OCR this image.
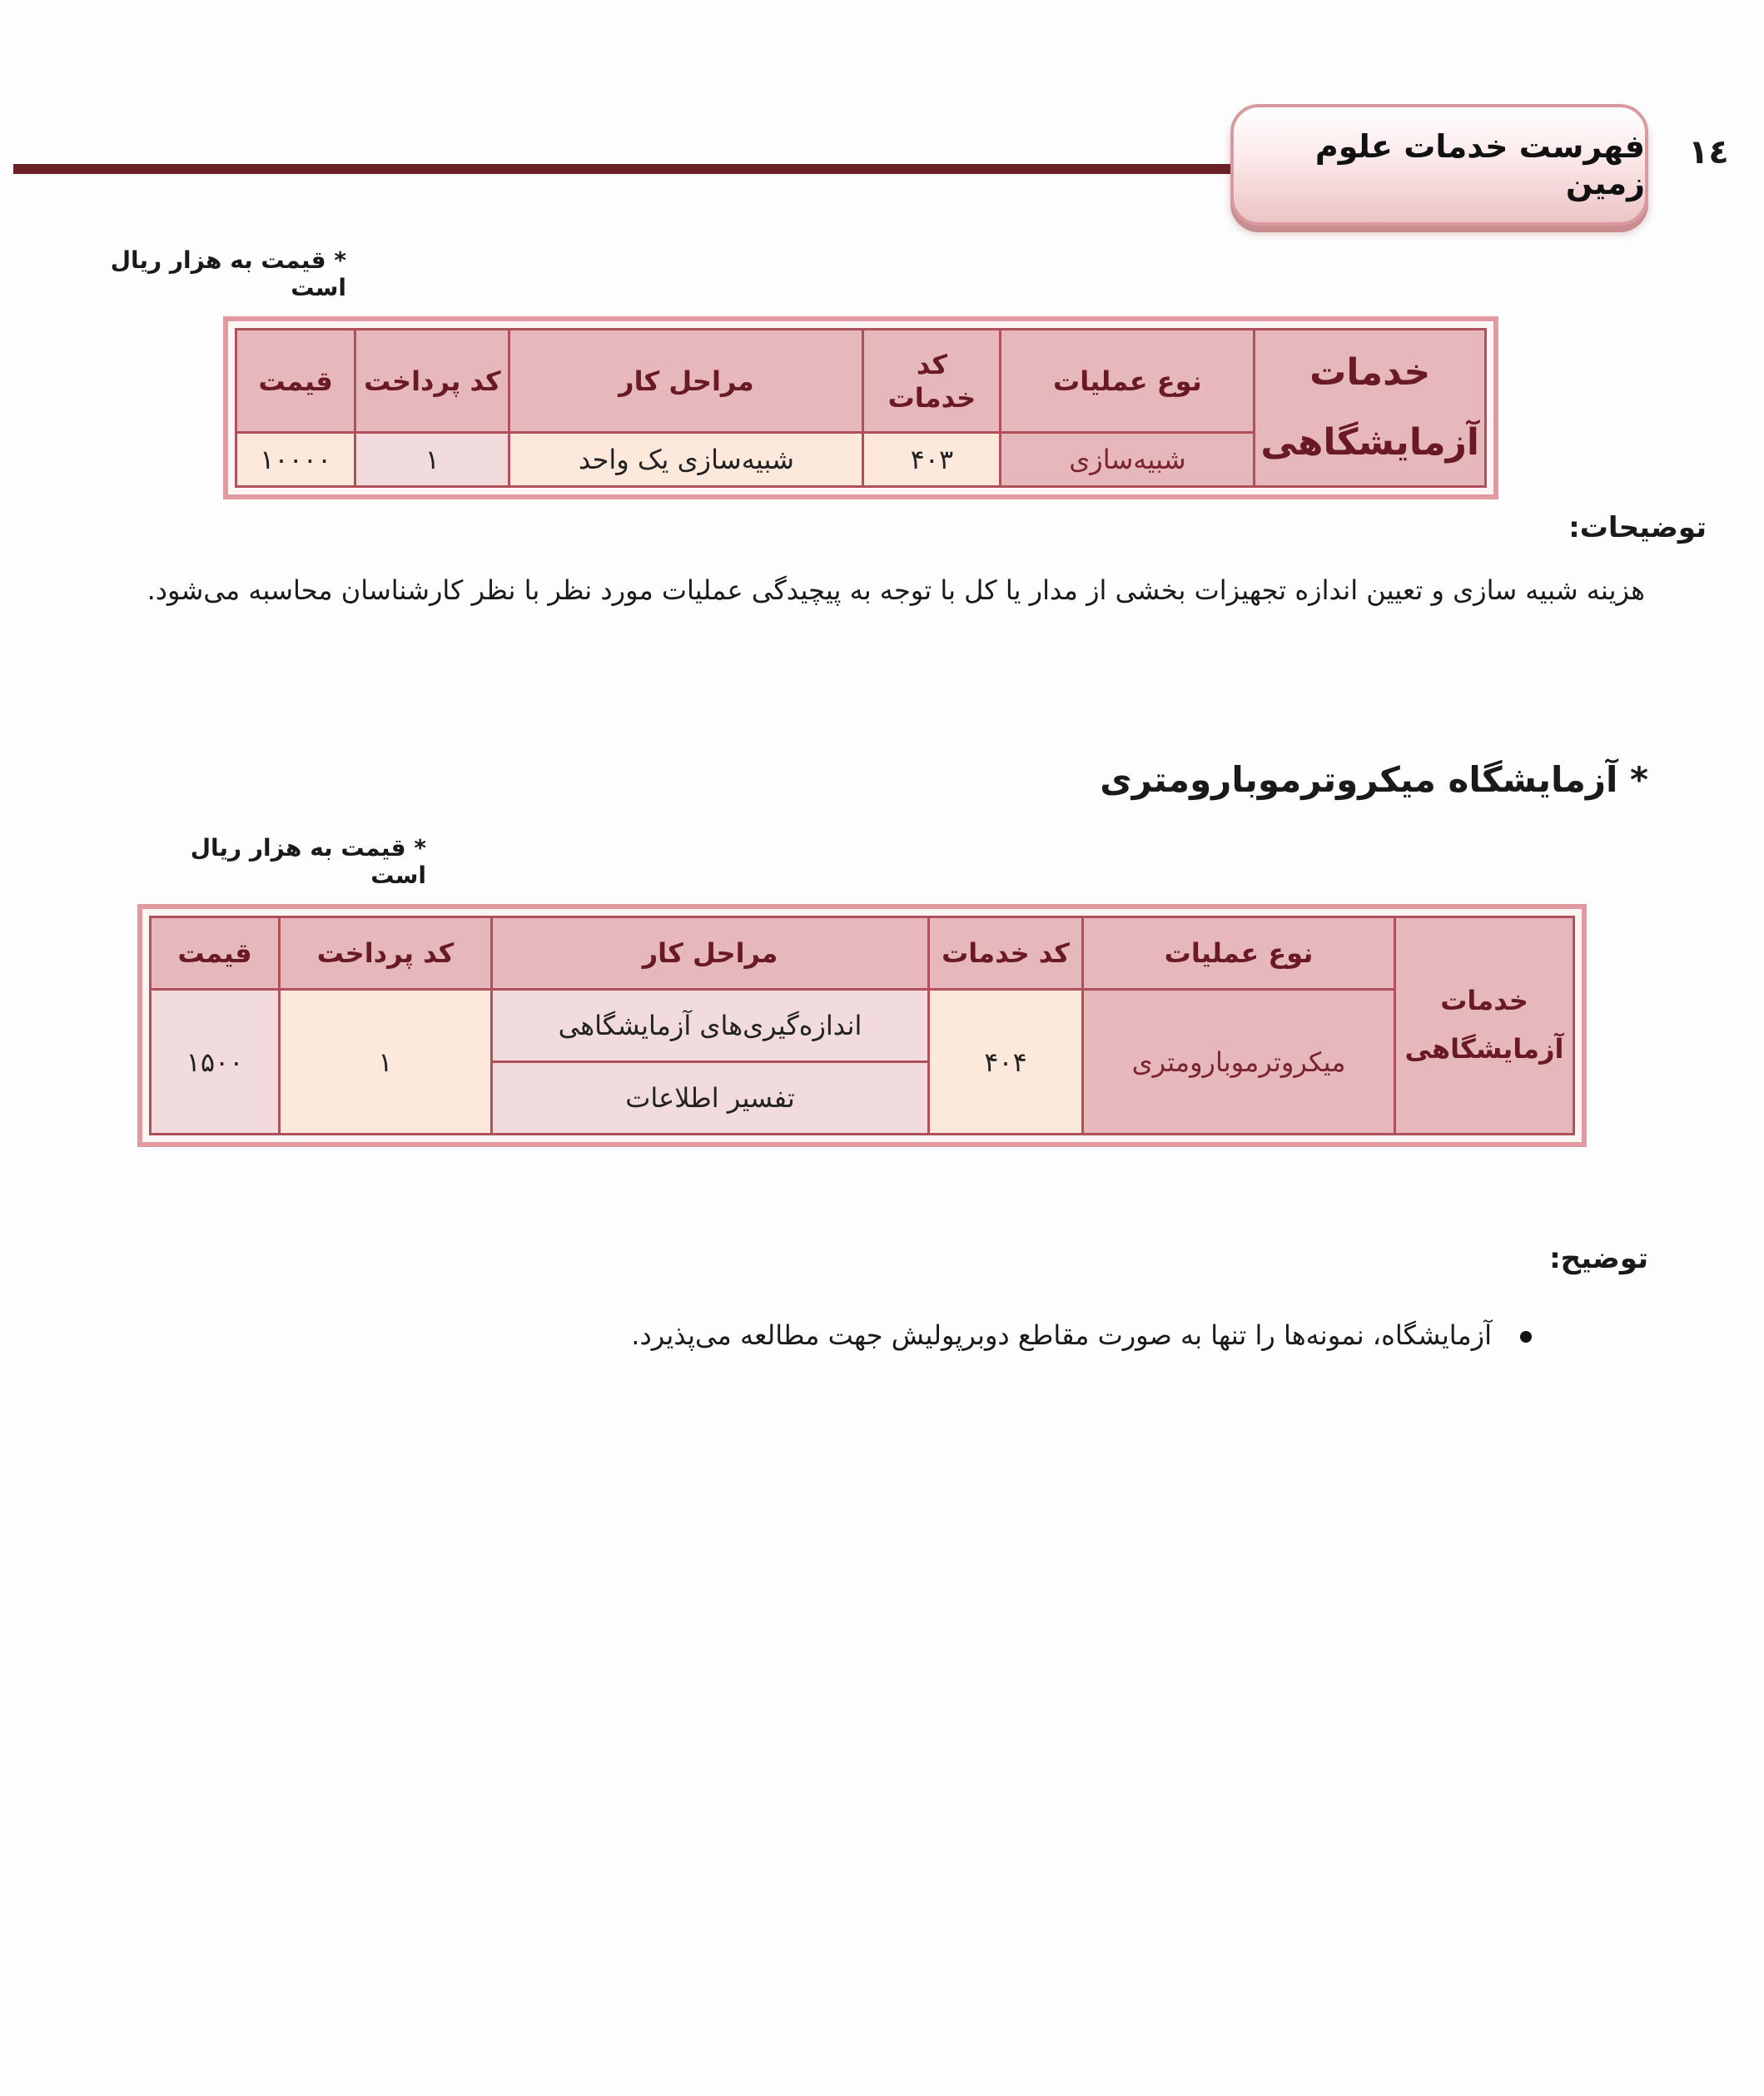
فهرست خدمات علوم زمین
۱٤
* قیمت به هزار ریال است
خدمات آزمایشگاهی	نوع عملیات	کد خدمات	مراحل کار	کد پرداخت	قیمت
	شبیه‌سازی	۴۰۳	شبیه‌سازی یک واحد	۱	۱۰۰۰۰
توضیحات:
هزینه شبیه سازی و تعیین اندازه تجهیزات بخشی از مدار یا کل با توجه به پیچیدگی عملیات مورد نظر با نظر کارشناسان محاسبه می‌شود.
* آزمایشگاه میکروترموبارومتری
* قیمت به هزار ریال است
خدمات آزمایشگاهی	نوع عملیات	کد خدمات	مراحل کار	کد پرداخت	قیمت
	میکروترموبارومتری	۴۰۴	اندازه‌گیری‌های آزمایشگاهی	۱	۱۵۰۰
			تفسیر اطلاعات		
توضیح:
آزمایشگاه، نمونه‌ها را تنها به صورت مقاطع دوبرپولیش جهت مطالعه می‌پذیرد.
